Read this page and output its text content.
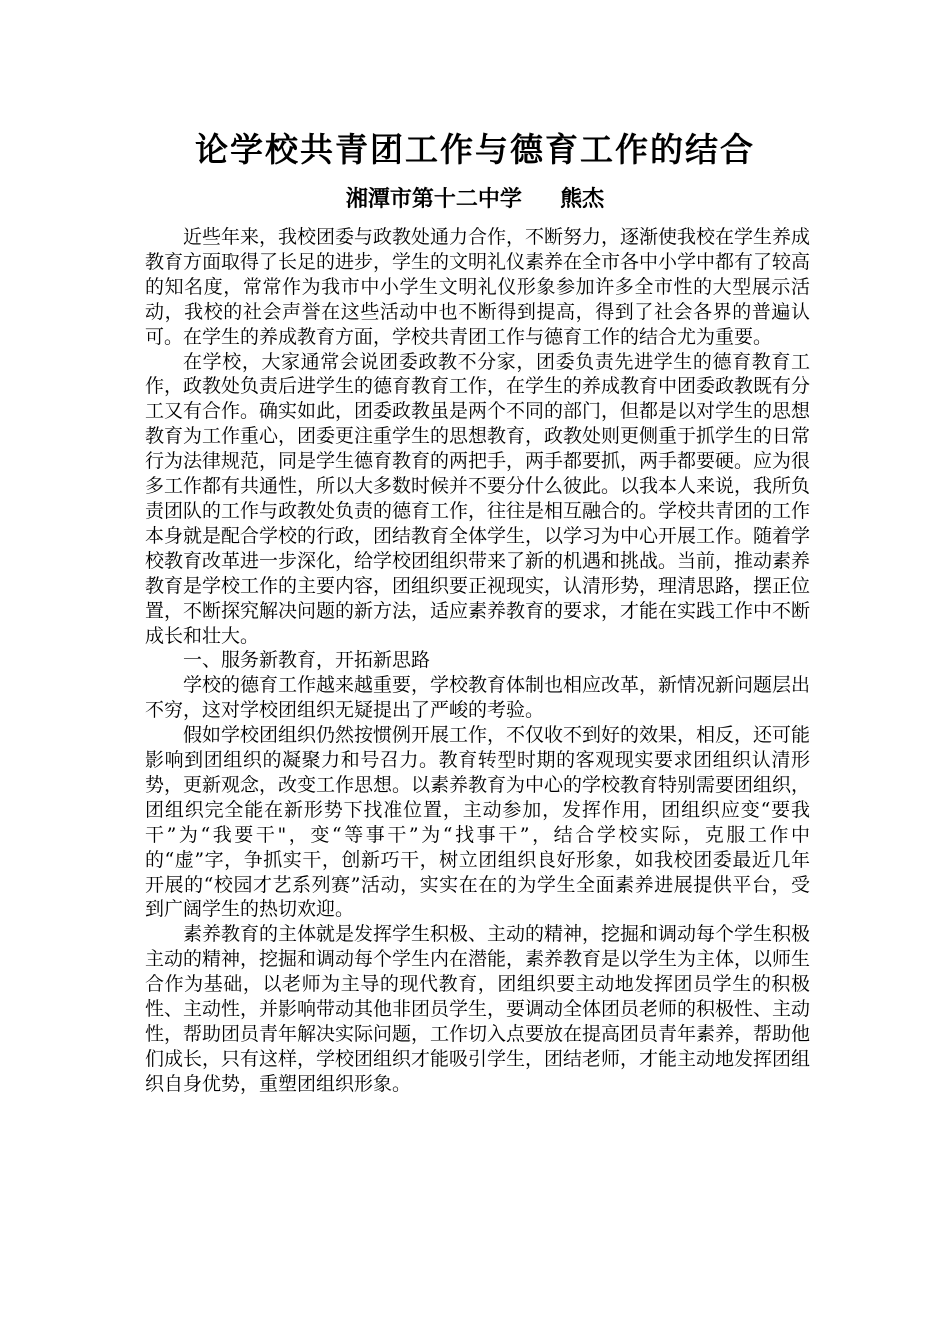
论学校共青团工作与德育工作的结合
湘潭市第十二中学     熊杰

近些年来，我校团委与政教处通力合作，不断努力，逐渐使我校在学生养成教育方面取得了长足的进步，学生的文明礼仪素养在全市各中小学中都有了较高的知名度，常常作为我市中小学生文明礼仪形象参加许多全市性的大型展示活动，我校的社会声誉在这些活动中也不断得到提高，得到了社会各界的普遍认可。在学生的养成教育方面，学校共青团工作与德育工作的结合尤为重要。

在学校，大家通常会说团委政教不分家，团委负责先进学生的德育教育工作，政教处负责后进学生的德育教育工作，在学生的养成教育中团委政教既有分工又有合作。确实如此，团委政教虽是两个不同的部门，但都是以对学生的思想教育为工作重心，团委更注重学生的思想教育，政教处则更侧重于抓学生的日常行为法律规范，同是学生德育教育的两把手，两手都要抓，两手都要硬。应为很多工作都有共通性，所以大多数时候并不要分什么彼此。以我本人来说，我所负责团队的工作与政教处负责的德育工作，往往是相互融合的。学校共青团的工作本身就是配合学校的行政，团结教育全体学生，以学习为中心开展工作。随着学校教育改革进一步深化，给学校团组织带来了新的机遇和挑战。当前，推动素养教育是学校工作的主要内容，团组织要正视现实，认清形势，理清思路，摆正位置，不断探究解决问题的新方法，适应素养教育的要求，才能在实践工作中不断成长和壮大。

一、服务新教育，开拓新思路

学校的德育工作越来越重要，学校教育体制也相应改革，新情况新问题层出不穷，这对学校团组织无疑提出了严峻的考验。

假如学校团组织仍然按惯例开展工作，不仅收不到好的效果，相反，还可能影响到团组织的凝聚力和号召力。教育转型时期的客观现实要求团组织认清形势，更新观念，改变工作思想。以素养教育为中心的学校教育特别需要团组织，团组织完全能在新形势下找准位置，主动参加，发挥作用，团组织应变“要我干”为“我要干"，变“等事干”为“找事干”，结合学校实际，克服工作中的“虚”字，争抓实干，创新巧干，树立团组织良好形象，如我校团委最近几年开展的“校园才艺系列赛”活动，实实在在的为学生全面素养进展提供平台，受到广阔学生的热切欢迎。

素养教育的主体就是发挥学生积极、主动的精神，挖掘和调动每个学生积极主动的精神，挖掘和调动每个学生内在潜能，素养教育是以学生为主体，以师生合作为基础，以老师为主导的现代教育，团组织要主动地发挥团员学生的积极性、主动性，并影响带动其他非团员学生，要调动全体团员老师的积极性、主动性，帮助团员青年解决实际问题，工作切入点要放在提高团员青年素养，帮助他们成长，只有这样，学校团组织才能吸引学生，团结老师，才能主动地发挥团组织自身优势，重塑团组织形象。
